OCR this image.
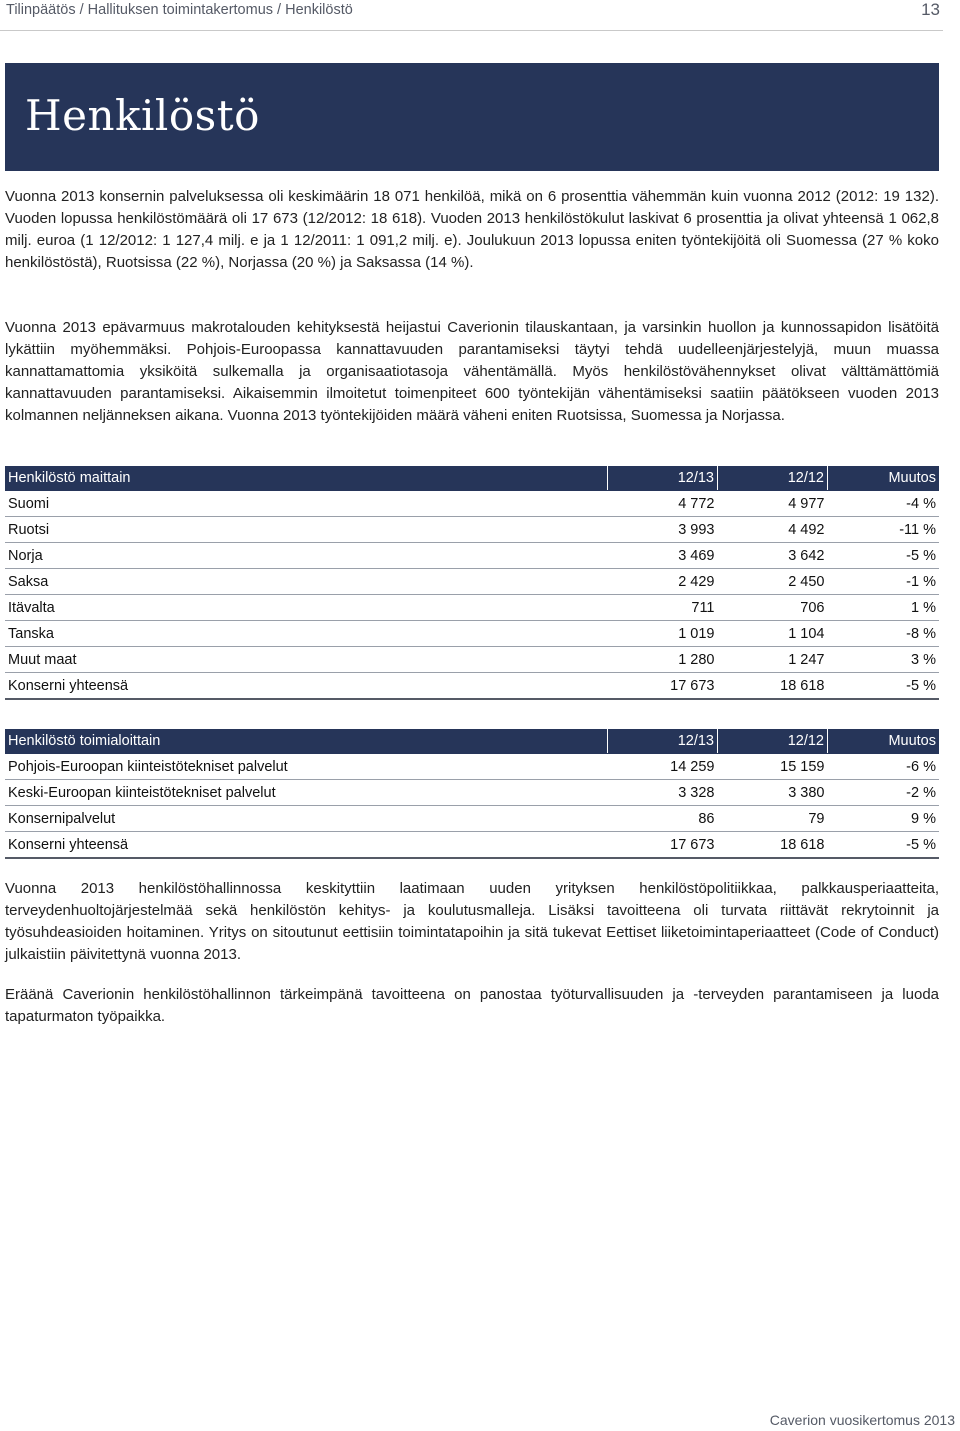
Tilinpäätös / Hallituksen toimintakertomus / Henkilöstö	13
Henkilöstö

Vuonna 2013 konsernin palveluksessa oli keskimäärin 18 071 henkilöä, mikä on 6 prosenttia vähemmän kuin vuonna 2012 (2012: 19 132). Vuoden lopussa henkilöstömäärä oli 17 673 (12/2012: 18 618). Vuoden 2013 henkilöstökulut laskivat 6 prosenttia ja olivat yhteensä 1 062,8 milj. euroa (1 12/2012: 1 127,4 milj. e ja 1 12/2011: 1 091,2 milj. e). Joulukuun 2013 lopussa eniten työntekijöitä oli Suomessa (27 % koko henkilöstöstä), Ruotsissa (22 %), Norjassa (20 %) ja Saksassa (14 %).

Vuonna 2013 epävarmuus makrotalouden kehityksestä heijastui Caverionin tilauskantaan, ja varsinkin huollon ja kunnossapidon lisätöitä lykättiin myöhemmäksi. Pohjois-Euroopassa kannattavuuden parantamiseksi täytyi tehdä uudelleenjärjestelyjä, muun muassa kannattamattomia yksiköitä sulkemalla ja organisaatiotasoja vähentämällä. Myös henkilöstövähennykset olivat välttämättömiä kannattavuuden parantamiseksi. Aikaisemmin ilmoitetut toimenpiteet 600 työntekijän vähentämiseksi saatiin päätökseen vuoden 2013 kolmannen neljänneksen aikana. Vuonna 2013 työntekijöiden määrä väheni eniten Ruotsissa, Suomessa ja Norjassa.

Henkilöstö maittain	12/13	12/12	Muutos
Suomi	4 772	4 977	-4 %
Ruotsi	3 993	4 492	-11 %
Norja	3 469	3 642	-5 %
Saksa	2 429	2 450	-1 %
Itävalta	711	706	1 %
Tanska	1 019	1 104	-8 %
Muut maat	1 280	1 247	3 %
Konserni yhteensä	17 673	18 618	-5 %
Henkilöstö toimialoittain	12/13	12/12	Muutos
Pohjois-Euroopan kiinteistötekniset palvelut	14 259	15 159	-6 %
Keski-Euroopan kiinteistötekniset palvelut	3 328	3 380	-2 %
Konsernipalvelut	86	79	9 %
Konserni yhteensä	17 673	18 618	-5 %

Vuonna 2013 henkilöstöhallinnossa keskityttiin laatimaan uuden yrityksen henkilöstöpolitiikkaa, palkkausperiaatteita, terveydenhuoltojärjestelmää sekä henkilöstön kehitys- ja koulutusmalleja. Lisäksi tavoitteena oli turvata riittävät rekrytoinnit ja työsuhdeasioiden hoitaminen. Yritys on sitoutunut eettisiin toimintatapoihin ja sitä tukevat Eettiset liiketoimintaperiaatteet (Code of Conduct) julkaistiin päivitettynä vuonna 2013.

Eräänä Caverionin henkilöstöhallinnon tärkeimpänä tavoitteena on panostaa työturvallisuuden ja -terveyden parantamiseen ja luoda tapaturmaton työpaikka.

Caverion vuosikertomus 2013
